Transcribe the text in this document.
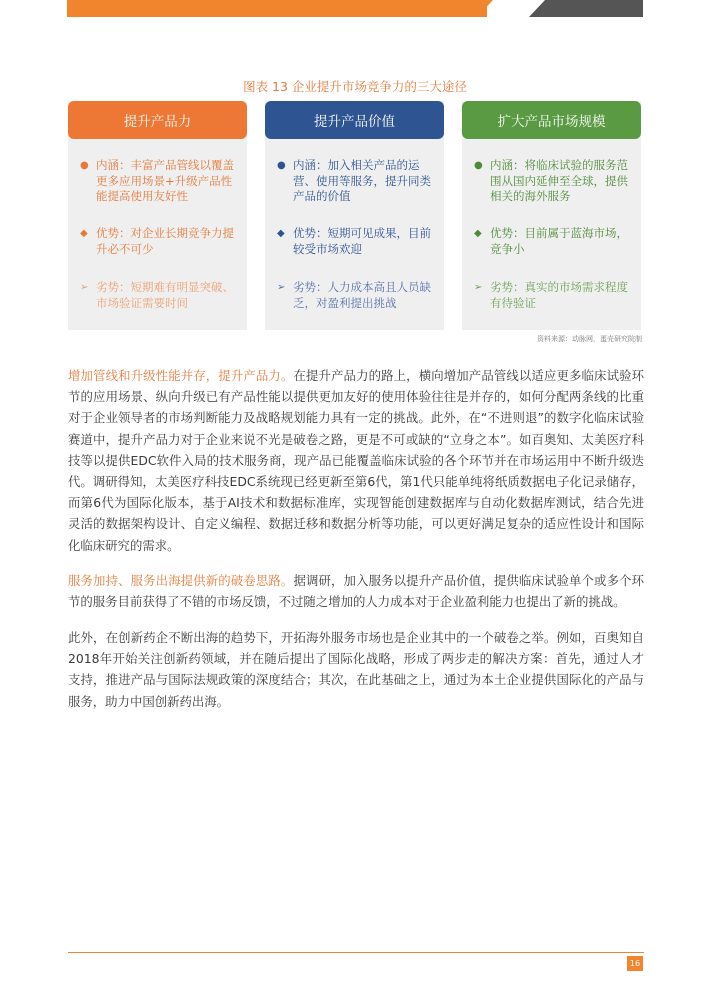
图表 13 企业提升市场竞争力的三大途径
提升产品力
● 内涵：丰富产品管线以覆盖更多应用场景+升级产品性能提高使用友好性
◆ 优势：对企业长期竞争力提升必不可少
➢ 劣势：短期难有明显突破、市场验证需要时间
提升产品价值
● 内涵：加入相关产品的运营、使用等服务，提升同类产品的价值
◆ 优势：短期可见成果，目前较受市场欢迎
➢ 劣势：人力成本高且人员缺乏，对盈利提出挑战
扩大产品市场规模
● 内涵：将临床试验的服务范围从国内延伸至全球，提供相关的海外服务
◆ 优势：目前属于蓝海市场，竞争小
➢ 劣势：真实的市场需求程度有待验证
资料来源：动脉网，蛋壳研究院制

增加管线和升级性能并存，提升产品力。在提升产品力的路上，横向增加产品管线以适应更多临床试验环节的应用场景、纵向升级已有产品性能以提供更加友好的使用体验往往是并存的，如何分配两条线的比重对于企业领导者的市场判断能力及战略规划能力具有一定的挑战。此外，在“不进则退”的数字化临床试验赛道中，提升产品力对于企业来说不光是破卷之路，更是不可或缺的“立身之本”。如百奥知、太美医疗科技等以提供EDC软件入局的技术服务商，现产品已能覆盖临床试验的各个环节并在市场运用中不断升级迭代。调研得知，太美医疗科技EDC系统现已经更新至第6代，第1代只能单纯将纸质数据电子化记录储存，而第6代为国际化版本，基于AI技术和数据标准库，实现智能创建数据库与自动化数据库测试，结合先进灵活的数据架构设计、自定义编程、数据迁移和数据分析等功能，可以更好满足复杂的适应性设计和国际化临床研究的需求。

服务加持、服务出海提供新的破卷思路。据调研，加入服务以提升产品价值，提供临床试验单个或多个环节的服务目前获得了不错的市场反馈，不过随之增加的人力成本对于企业盈利能力也提出了新的挑战。

此外，在创新药企不断出海的趋势下，开拓海外服务市场也是企业其中的一个破卷之举。例如，百奥知自2018年开始关注创新药领域，并在随后提出了国际化战略，形成了两步走的解决方案：首先，通过人才支持，推进产品与国际法规政策的深度结合；其次，在此基础之上，通过为本土企业提供国际化的产品与服务，助力中国创新药出海。

16
